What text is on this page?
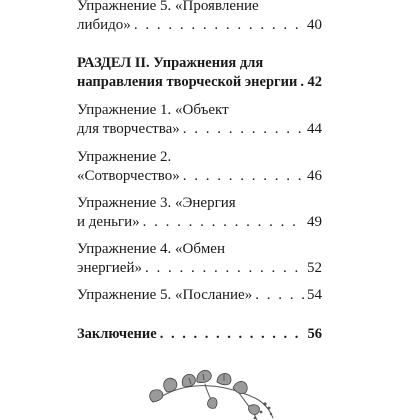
Упражнение 5. «Проявление
либидо» . . .	40
РАЗДЕЛ II. Упражнения для
направления творческой энергии . . . 42
Упражнение 1. «Объект
для творчества» . . .	44
Упражнение 2.
«Сотворчество» . . .	46
Упражнение 3. «Энергия
и деньги» . . .	49
Упражнение 4. «Обмен
энергией» . . .	52
Упражнение 5. «Послание» . . .	54
Заключение . . .	56
